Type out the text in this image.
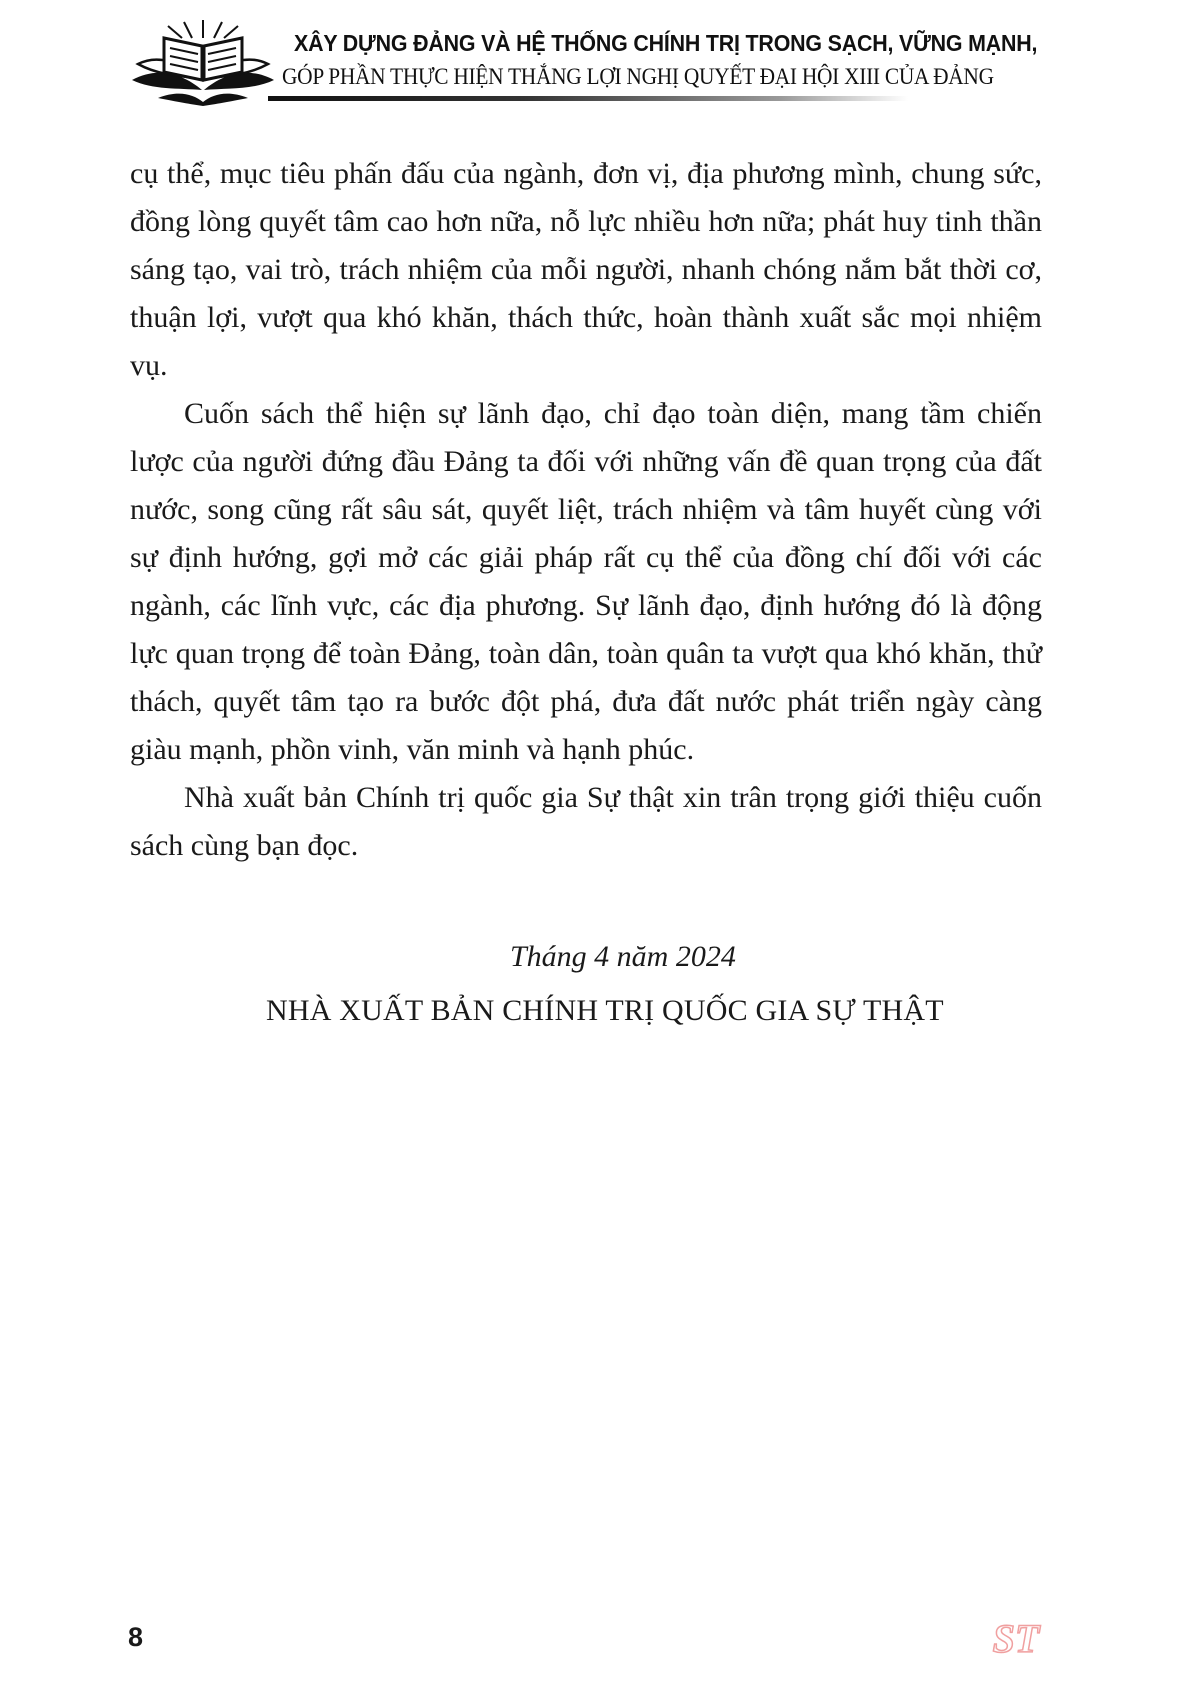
XÂY DỰNG ĐẢNG VÀ HỆ THỐNG CHÍNH TRỊ TRONG SẠCH, VỮNG MẠNH,
GÓP PHẦN THỰC HIỆN THẮNG LỢI NGHỊ QUYẾT ĐẠI HỘI XIII CỦA ĐẢNG

cụ thể, mục tiêu phấn đấu của ngành, đơn vị, địa phương mình, chung sức, đồng lòng quyết tâm cao hơn nữa, nỗ lực nhiều hơn nữa; phát huy tinh thần sáng tạo, vai trò, trách nhiệm của mỗi người, nhanh chóng nắm bắt thời cơ, thuận lợi, vượt qua khó khăn, thách thức, hoàn thành xuất sắc mọi nhiệm vụ.

Cuốn sách thể hiện sự lãnh đạo, chỉ đạo toàn diện, mang tầm chiến lược của người đứng đầu Đảng ta đối với những vấn đề quan trọng của đất nước, song cũng rất sâu sát, quyết liệt, trách nhiệm và tâm huyết cùng với sự định hướng, gợi mở các giải pháp rất cụ thể của đồng chí đối với các ngành, các lĩnh vực, các địa phương. Sự lãnh đạo, định hướng đó là động lực quan trọng để toàn Đảng, toàn dân, toàn quân ta vượt qua khó khăn, thử thách, quyết tâm tạo ra bước đột phá, đưa đất nước phát triển ngày càng giàu mạnh, phồn vinh, văn minh và hạnh phúc.

Nhà xuất bản Chính trị quốc gia Sự thật xin trân trọng giới thiệu cuốn sách cùng bạn đọc.

Tháng 4 năm 2024
NHÀ XUẤT BẢN CHÍNH TRỊ QUỐC GIA SỰ THẬT
8	ST
